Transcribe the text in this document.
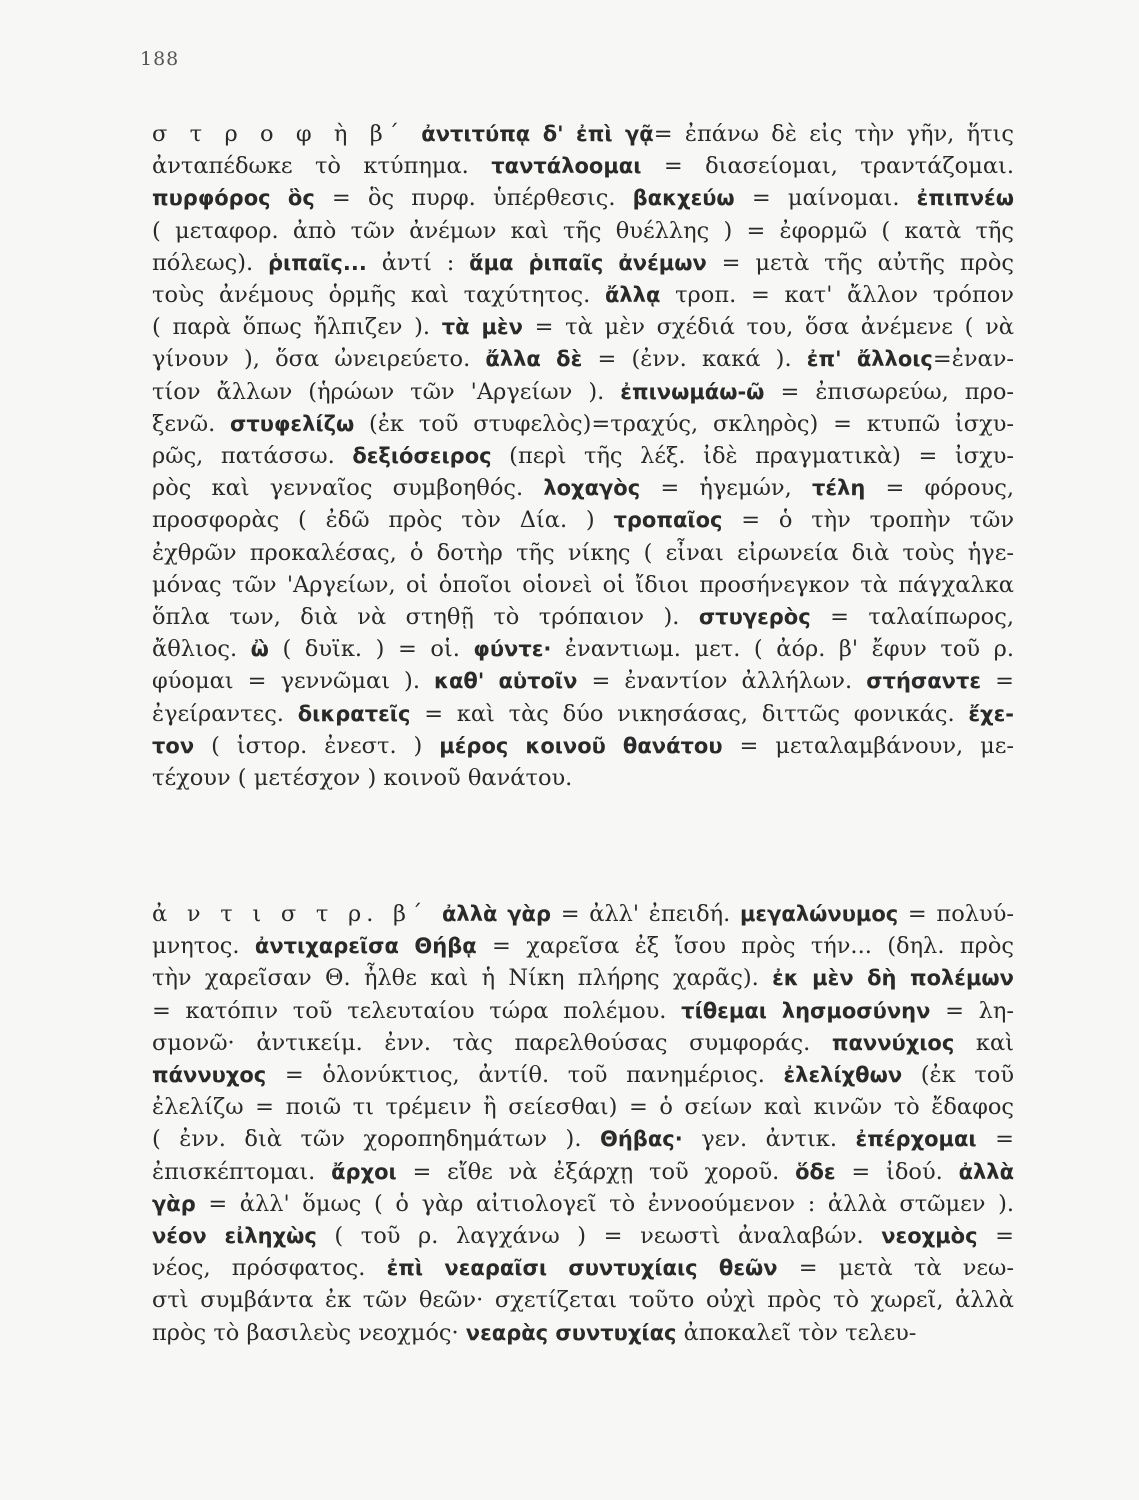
188
σ τ ρ ο φ ὴ β΄ ἀντιτύπᾳ δ' ἐπὶ γᾷ= ἐπάνω δὲ εἰς τὴν γῆν, ἥτις
ἀνταπέδωκε τὸ κτύπημα. ταντάλοομαι = διασείομαι, τραντάζομαι.
πυρφόρος ὃς = ὃς πυρφ. ὑπέρθεσις. βακχεύω = μαίνομαι. ἐπιπνέω
( μεταφορ. ἀπὸ τῶν ἀνέμων καὶ τῆς θυέλλης ) = ἐφορμῶ ( κατὰ τῆς
πόλεως). ῥιπαῖς... ἀντί : ἅμα ῥιπαῖς ἀνέμων = μετὰ τῆς αὐτῆς πρὸς
τοὺς ἀνέμους ὁρμῆς καὶ ταχύτητος. ἄλλᾳ τροπ. = κατ' ἄλλον τρόπον
( παρὰ ὅπως ἤλπιζεν ). τὰ μὲν = τὰ μὲν σχέδιά του, ὅσα ἀνέμενε ( νὰ
γίνουν ), ὅσα ὠνειρεύετο. ἄλλα δὲ = (ἐνν. κακά ). ἐπ' ἄλλοις=ἐναν-
τίον ἄλλων (ἡρώων τῶν 'Αργείων ). ἐπινωμάω-ῶ = ἐπισωρεύω, προ-
ξενῶ. στυφελίζω (ἐκ τοῦ στυφελὸς)=τραχύς, σκληρὸς) = κτυπῶ ἰσχυ-
ρῶς, πατάσσω. δεξιόσειρος (περὶ τῆς λέξ. ἰδὲ πραγματικὰ) = ἰσχυ-
ρὸς καὶ γενναῖος συμβοηθός. λοχαγὸς = ἡγεμών, τέλη = φόρους,
προσφορὰς ( ἐδῶ πρὸς τὸν Δία. ) τροπαῖος = ὁ τὴν τροπὴν τῶν
ἐχθρῶν προκαλέσας, ὁ δοτὴρ τῆς νίκης ( εἶναι εἰρωνεία διὰ τοὺς ἡγε-
μόνας τῶν 'Αργείων, οἱ ὁποῖοι οἱονεὶ οἱ ἴδιοι προσήνεγκον τὰ πάγχαλκα
ὅπλα των, διὰ νὰ στηθῇ τὸ τρόπαιον ). στυγερὸς = ταλαίπωρος,
ἄθλιος. ὢ ( δυϊκ. ) = οἱ. φύντε· ἐναντιωμ. μετ. ( ἀόρ. β' ἔφυν τοῦ ρ.
φύομαι = γεννῶμαι ). καθ' αὑτοῖν = ἐναντίον ἀλλήλων. στήσαντε =
ἐγείραντες. δικρατεῖς = καὶ τὰς δύο νικησάσας, διττῶς φονικάς. ἔχε-
τον ( ἱστορ. ἐνεστ. ) μέρος κοινοῦ θανάτου = μεταλαμβάνουν, με-
τέχουν ( μετέσχον ) κοινοῦ θανάτου.
ἀ ν τ ι σ τ ρ. β΄ ἀλλὰ γὰρ = ἀλλ' ἐπειδή. μεγαλώνυμος = πολυύ-
μνητος. ἀντιχαρεῖσα Θήβᾳ = χαρεῖσα ἐξ ἴσου πρὸς τήν... (δηλ. πρὸς
τὴν χαρεῖσαν Θ. ἦλθε καὶ ἡ Νίκη πλήρης χαρᾶς). ἐκ μὲν δὴ πολέμων
= κατόπιν τοῦ τελευταίου τώρα πολέμου. τίθεμαι λησμοσύνην = λη-
σμονῶ· ἀντικείμ. ἐνν. τὰς παρελθούσας συμφοράς. παννύχιος καὶ
πάννυχος = ὁλονύκτιος, ἀντίθ. τοῦ πανημέριος. ἐλελίχθων (ἐκ τοῦ
ἐλελίζω = ποιῶ τι τρέμειν ἢ σείεσθαι) = ὁ σείων καὶ κινῶν τὸ ἔδαφος
( ἐνν. διὰ τῶν χοροπηδημάτων ). Θήβας· γεν. ἀντικ. ἐπέρχομαι =
ἐπισκέπτομαι. ἄρχοι = εἴθε νὰ ἐξάρχῃ τοῦ χοροῦ. ὅδε = ἰδού. ἀλλὰ
γὰρ = ἀλλ' ὅμως ( ὁ γὰρ αἰτιολογεῖ τὸ ἐννοούμενον : ἀλλὰ στῶμεν ).
νέον εἰληχὼς ( τοῦ ρ. λαγχάνω ) = νεωστὶ ἀναλαβών. νεοχμὸς =
νέος, πρόσφατος. ἐπὶ νεαραῖσι συντυχίαις θεῶν = μετὰ τὰ νεω-
στὶ συμβάντα ἐκ τῶν θεῶν· σχετίζεται τοῦτο οὐχὶ πρὸς τὸ χωρεῖ, ἀλλὰ
πρὸς τὸ βασιλεὺς νεοχμός· νεαρὰς συντυχίας ἀποκαλεῖ τὸν τελευ-
